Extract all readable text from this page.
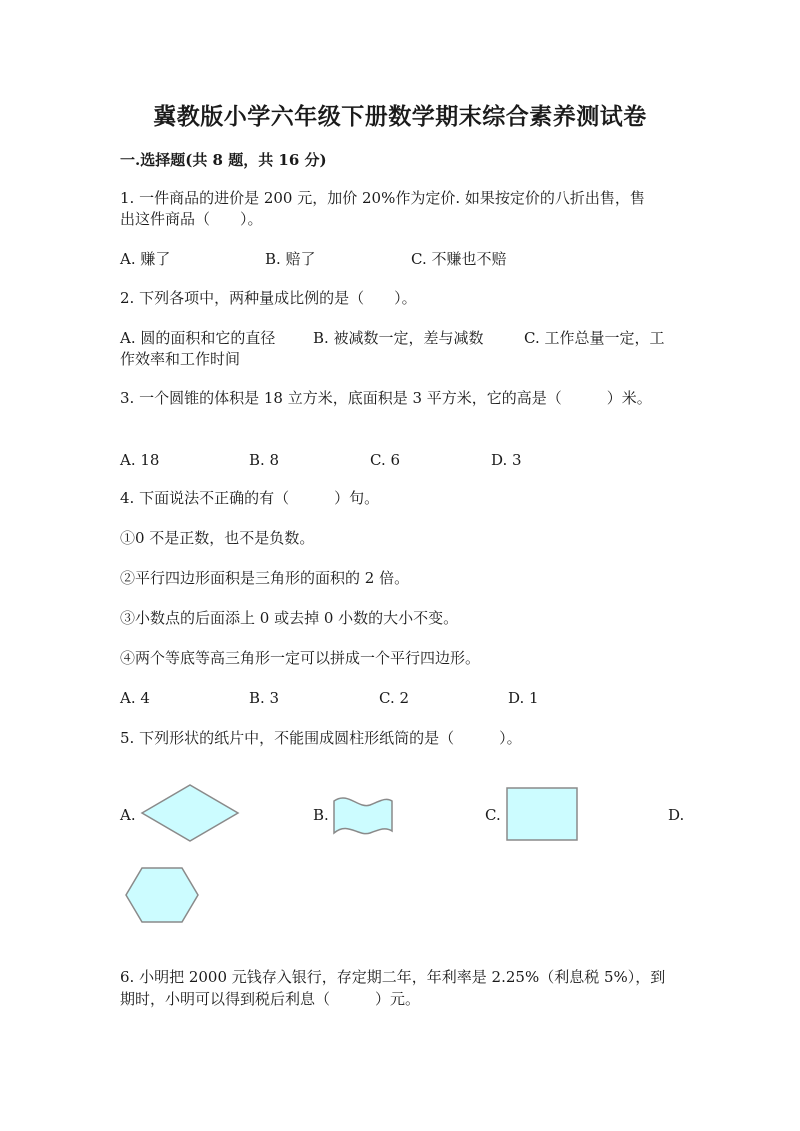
冀教版小学六年级下册数学期末综合素养测试卷
一.选择题(共 8 题，共 16 分)
1. 一件商品的进价是 200 元，加价 20%作为定价. 如果按定价的八折出售，售
出这件商品（　　）。
A. 赚了	B. 赔了	C. 不赚也不赔
2. 下列各项中，两种量成比例的是（　　）。
A. 圆的面积和它的直径	B. 被减数一定，差与减数	C. 工作总量一定，工
作效率和工作时间
3. 一个圆锥的体积是 18 立方米，底面积是 3 平方米，它的高是（　　　）米。
A. 18	B. 8	C. 6	D. 3
4. 下面说法不正确的有（　　　）句。
①0 不是正数，也不是负数。
②平行四边形面积是三角形的面积的 2 倍。
③小数点的后面添上 0 或去掉 0 小数的大小不变。
④两个等底等高三角形一定可以拼成一个平行四边形。
A. 4	B. 3	C. 2	D. 1
5. 下列形状的纸片中，不能围成圆柱形纸筒的是（　　　）。
A.	B.	C.	D.
6. 小明把 2000 元钱存入银行，存定期二年，年利率是 2.25%（利息税 5%），到
期时，小明可以得到税后利息（　　　）元。
